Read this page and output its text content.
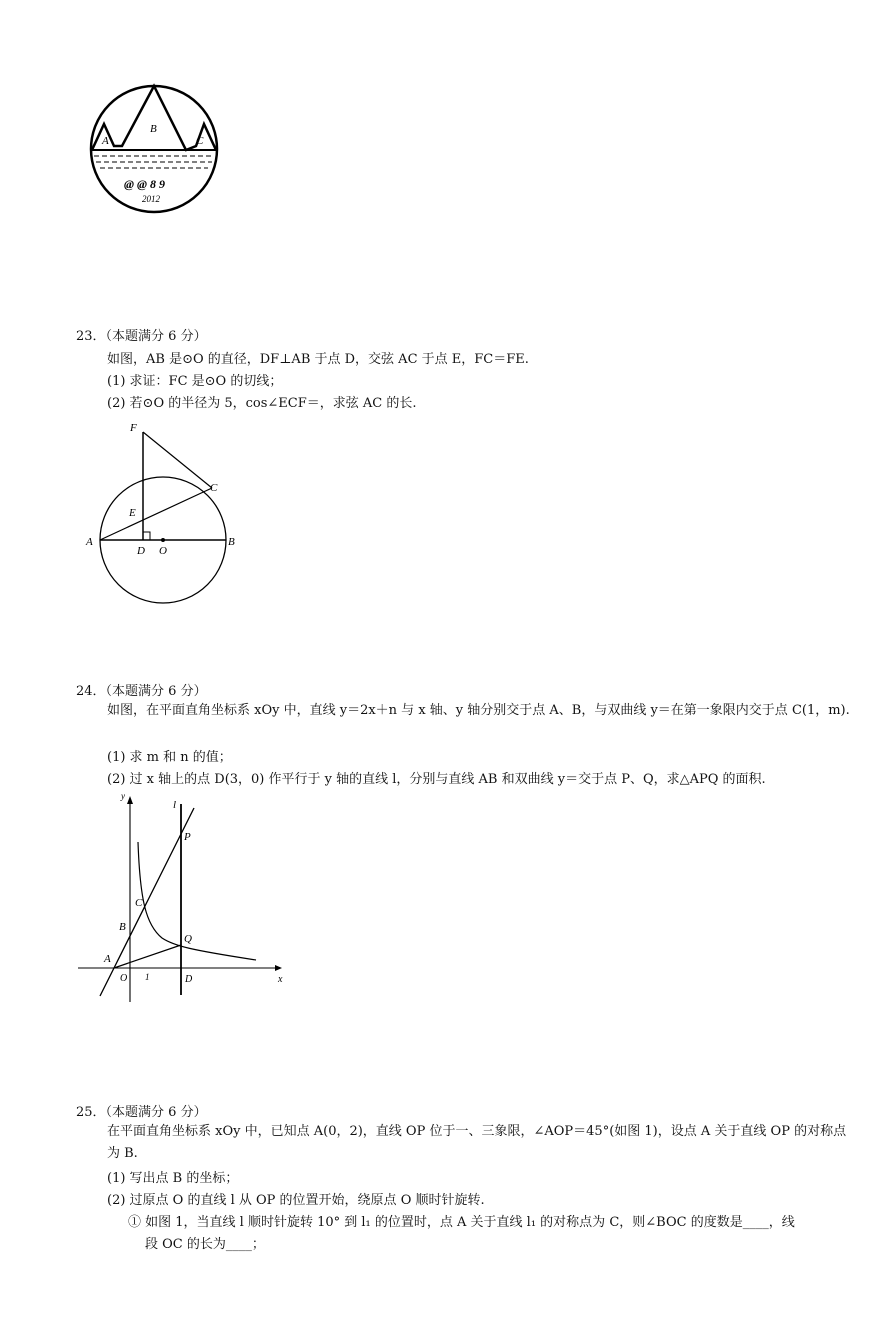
A
B
C
@ @ 8 9
2012
23．（本题满分 6 分）
如图，AB 是⊙O 的直径，DF⊥AB 于点 D，交弦 AC 于点 E，FC＝FE.
(1) 求证：FC 是⊙O 的切线；
(2) 若⊙O 的半径为 5，cos∠ECF＝，求弦 AC 的长.
F
C
E
A
D O
B
24．（本题满分 6 分）
如图，在平面直角坐标系 xOy 中，直线 y＝2x＋n 与 x 轴、y 轴分别交于点 A、B，与双曲线 y＝在第一象限内交于点 C(1，m).
(1) 求 m 和 n 的值；
(2) 过 x 轴上的点 D(3，0) 作平行于 y 轴的直线 l，分别与直线 AB 和双曲线 y＝交于点 P、Q，求△APQ 的面积.
y
l
P
C
B
Q
A
O 1	D	x
25．（本题满分 6 分）
在平面直角坐标系 xOy 中，已知点 A(0，2)，直线 OP 位于一、三象限，∠AOP＝45°(如图 1)，设点 A 关于直线 OP 的对称点为 B.
(1) 写出点 B 的坐标；
(2) 过原点 O 的直线 l 从 OP 的位置开始，绕原点 O 顺时针旋转.
① 如图 1，当直线 l 顺时针旋转 10° 到 l₁ 的位置时，点 A 关于直线 l₁ 的对称点为 C，则∠BOC 的度数是____，线
段 OC 的长为____；
